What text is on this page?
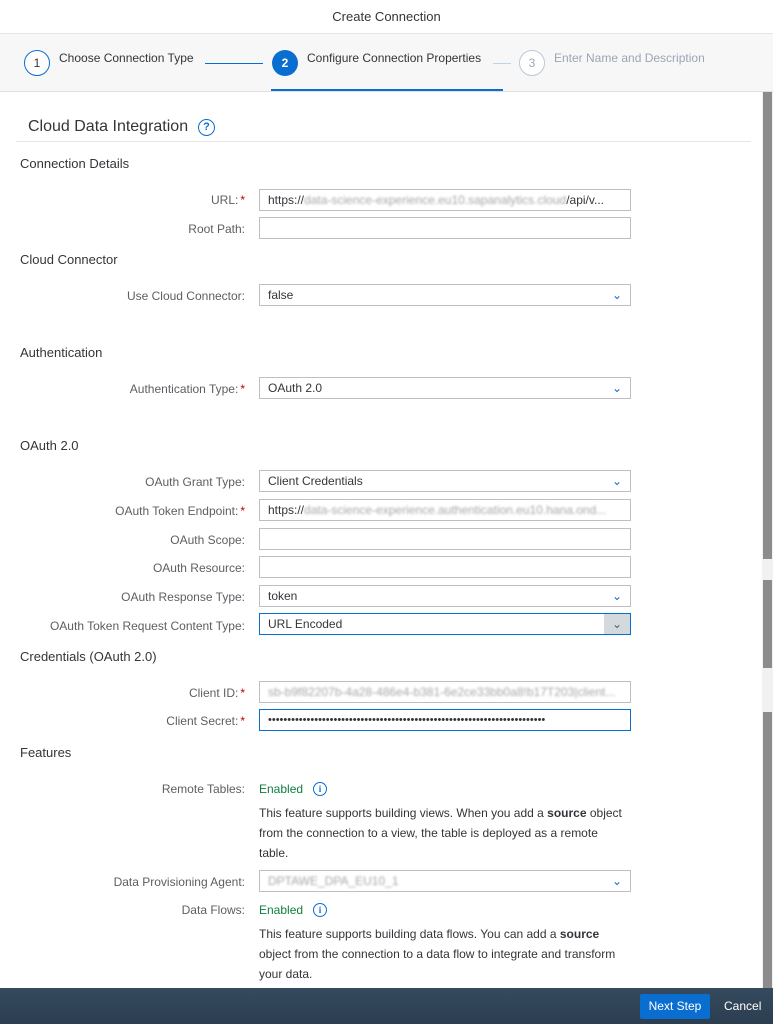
Create Connection
1	Choose Connection Type	2	Configure Connection Properties	3	Enter Name and Description
Cloud Data Integration	?
Connection Details
URL: *	https://data-science-experience.eu10.sapanalytics.cloud/api/v...
Root Path:
Cloud Connector
Use Cloud Connector:	false	⌄
Authentication
Authentication Type: *	OAuth 2.0	⌄
OAuth 2.0
OAuth Grant Type:	Client Credentials	⌄
OAuth Token Endpoint: *	https://data-science-experience.authentication.eu10.hana.ond...
OAuth Scope:
OAuth Resource:
OAuth Response Type:	token	⌄
OAuth Token Request Content Type:	URL Encoded	⌄
Credentials (OAuth 2.0)
Client ID: *	sb-b9f82207b-4a28-486e4-b381-6e2ce33bb0a8!b17T203|client...
Client Secret: *	••••••••••••••••••••••••••••••••••••••••••••••••••••••••••••••••••••••••
Features
Remote Tables: Enabled	i
This feature supports building views. When you add a source object from the connection to a view, the table is deployed as a remote table.
Data Provisioning Agent:	DPTAWE_DPA_EU10_1	⌄
Data Flows: Enabled	i
This feature supports building data flows. You can add a source object from the connection to a data flow to integrate and transform your data.
Next Step	Cancel
